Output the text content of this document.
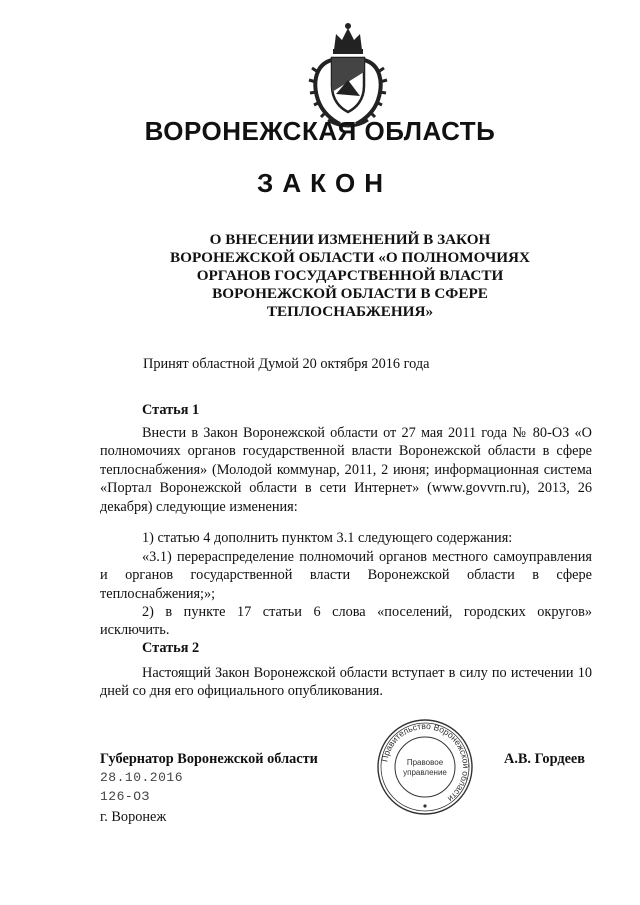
ВОРОНЕЖСКАЯ ОБЛАСТЬ
ЗАКОН
О ВНЕСЕНИИ ИЗМЕНЕНИЙ В ЗАКОН
ВОРОНЕЖСКОЙ ОБЛАСТИ «О ПОЛНОМОЧИЯХ
ОРГАНОВ ГОСУДАРСТВЕННОЙ ВЛАСТИ
ВОРОНЕЖСКОЙ ОБЛАСТИ В СФЕРЕ
ТЕПЛОСНАБЖЕНИЯ»
Принят областной Думой 20 октября 2016 года
Статья 1
Внести в Закон Воронежской области от 27 мая 2011 года № 80-ОЗ «О полномочиях органов государственной власти Воронежской области в сфере теплоснабжения» (Молодой коммунар, 2011, 2 июня; информационная система «Портал Воронежской области в сети Интернет» (www.govvrn.ru), 2013, 26 декабря) следующие изменения:
1) статью 4 дополнить пунктом 3.1 следующего содержания:
«3.1) перераспределение полномочий органов местного самоуправления и органов государственной власти Воронежской области в сфере теплоснабжения;»;
2) в пункте 17 статьи 6 слова «поселений, городских округов» исключить.
Статья 2
Настоящий Закон Воронежской области вступает в силу по истечении 10 дней со дня его официального опубликования.
Губернатор Воронежской области	А.В. Гордеев
28.10.2016
126-ОЗ
г. Воронеж
Правительство Воронежской области
Правовое
управление
